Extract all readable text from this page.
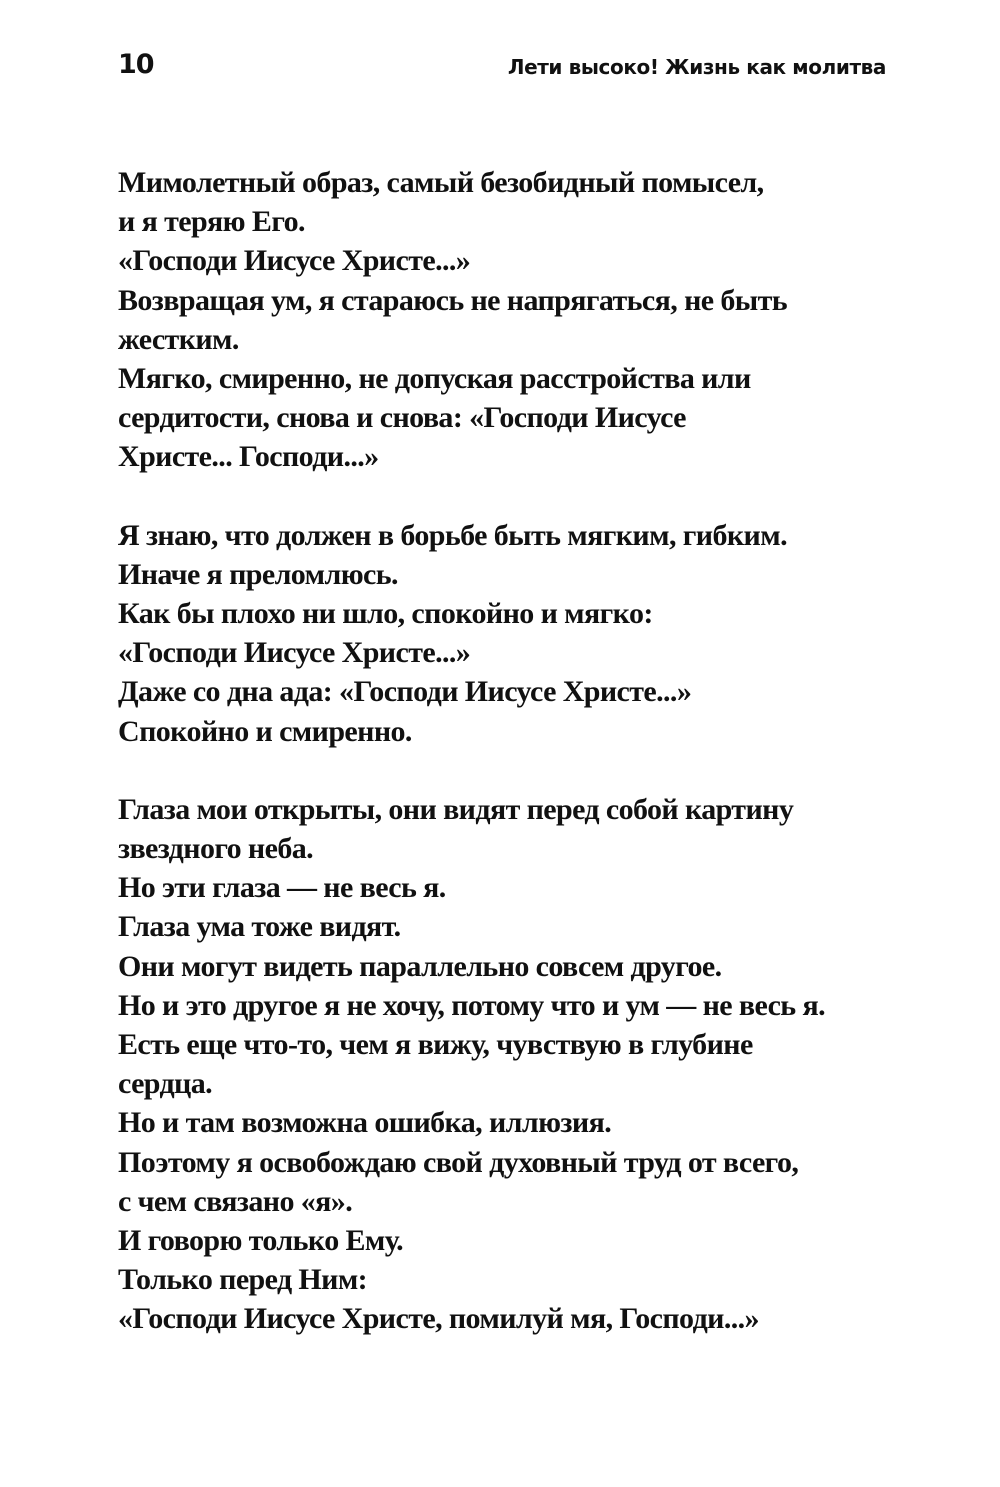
10	Лети высоко! Жизнь как молитва

Мимолетный образ, самый безобидный помысел,
и я теряю Его.
«Господи Иисусе Христе...»
Возвращая ум, я стараюсь не напрягаться, не быть
жестким.
Мягко, смиренно, не допуская расстройства или
сердитости, снова и снова: «Господи Иисусе
Христе... Господи...»

Я знаю, что должен в борьбе быть мягким, гибким.
Иначе я преломлюсь.
Как бы плохо ни шло, спокойно и мягко:
«Господи Иисусе Христе...»
Даже со дна ада: «Господи Иисусе Христе...»
Спокойно и смиренно.

Глаза мои открыты, они видят перед собой картину
звездного неба.
Но эти глаза — не весь я.
Глаза ума тоже видят.
Они могут видеть параллельно совсем другое.
Но и это другое я не хочу, потому что и ум — не весь я.
Есть еще что-то, чем я вижу, чувствую в глубине
сердца.
Но и там возможна ошибка, иллюзия.
Поэтому я освобождаю свой духовный труд от всего,
с чем связано «я».
И говорю только Ему.
Только перед Ним:
«Господи Иисусе Христе, помилуй мя, Господи...»
